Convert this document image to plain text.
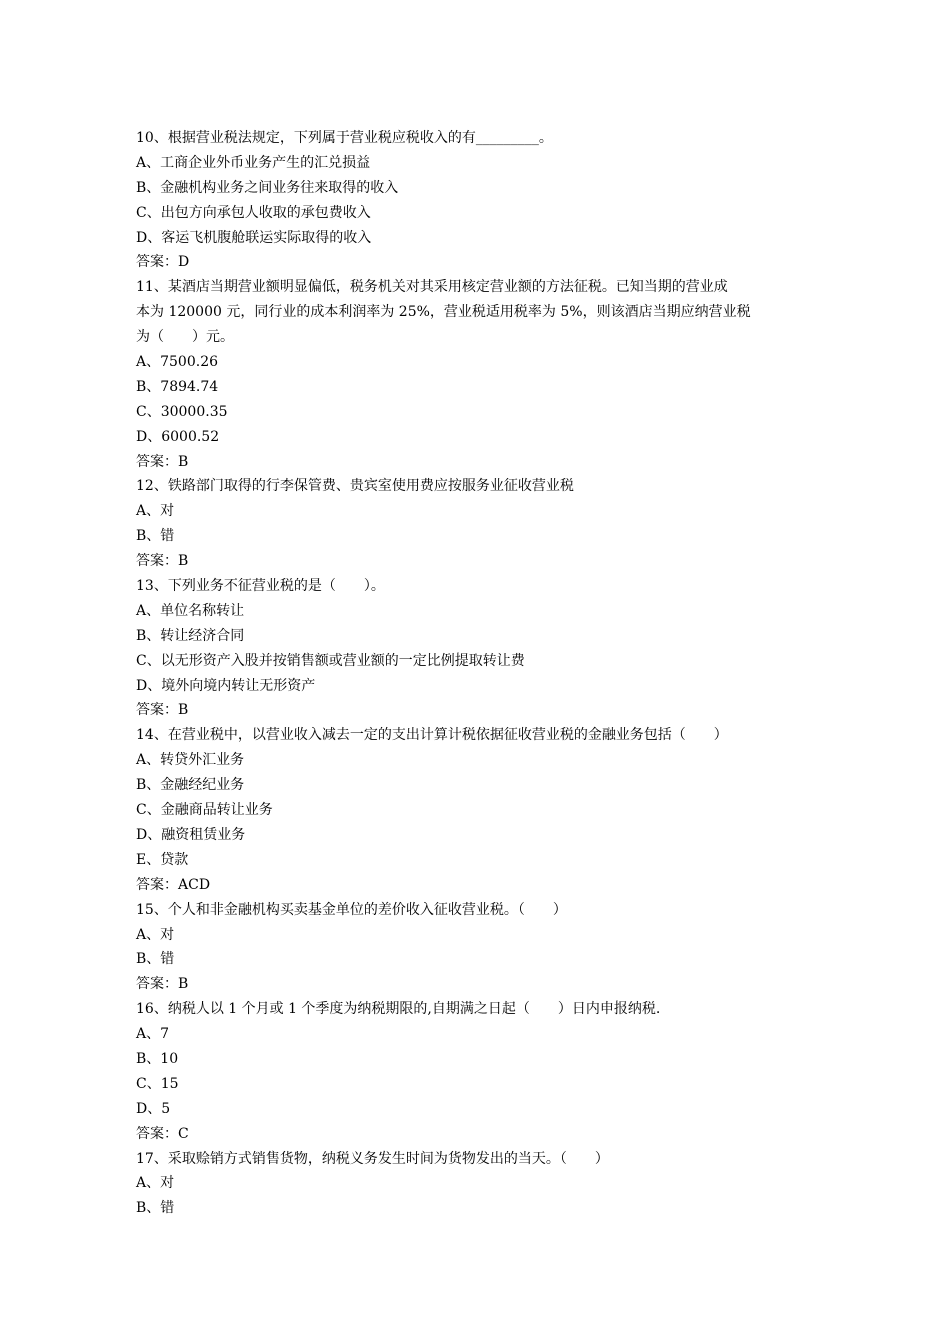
10、根据营业税法规定，下列属于营业税应税收入的有_________。
A、工商企业外币业务产生的汇兑损益
B、金融机构业务之间业务往来取得的收入
C、出包方向承包人收取的承包费收入
D、客运飞机腹舱联运实际取得的收入
答案：D
11、某酒店当期营业额明显偏低，税务机关对其采用核定营业额的方法征税。已知当期的营业成
本为 120000 元，同行业的成本利润率为 25%，营业税适用税率为 5%，则该酒店当期应纳营业税
为（　　）元。
A、7500.26
B、7894.74
C、30000.35
D、6000.52
答案：B
12、铁路部门取得的行李保管费、贵宾室使用费应按服务业征收营业税
A、对
B、错
答案：B
13、下列业务不征营业税的是（　　）。
A、单位名称转让
B、转让经济合同
C、以无形资产入股并按销售额或营业额的一定比例提取转让费
D、境外向境内转让无形资产
答案：B
14、在营业税中，以营业收入减去一定的支出计算计税依据征收营业税的金融业务包括（　　）
A、转贷外汇业务
B、金融经纪业务
C、金融商品转让业务
D、融资租赁业务
E、贷款
答案：ACD
15、个人和非金融机构买卖基金单位的差价收入征收营业税。（　　）
A、对
B、错
答案：B
16、纳税人以 1 个月或 1 个季度为纳税期限的,自期满之日起（　　）日内申报纳税.
A、7
B、10
C、15
D、5
答案：C
17、采取赊销方式销售货物，纳税义务发生时间为货物发出的当天。（　　）
A、对
B、错
